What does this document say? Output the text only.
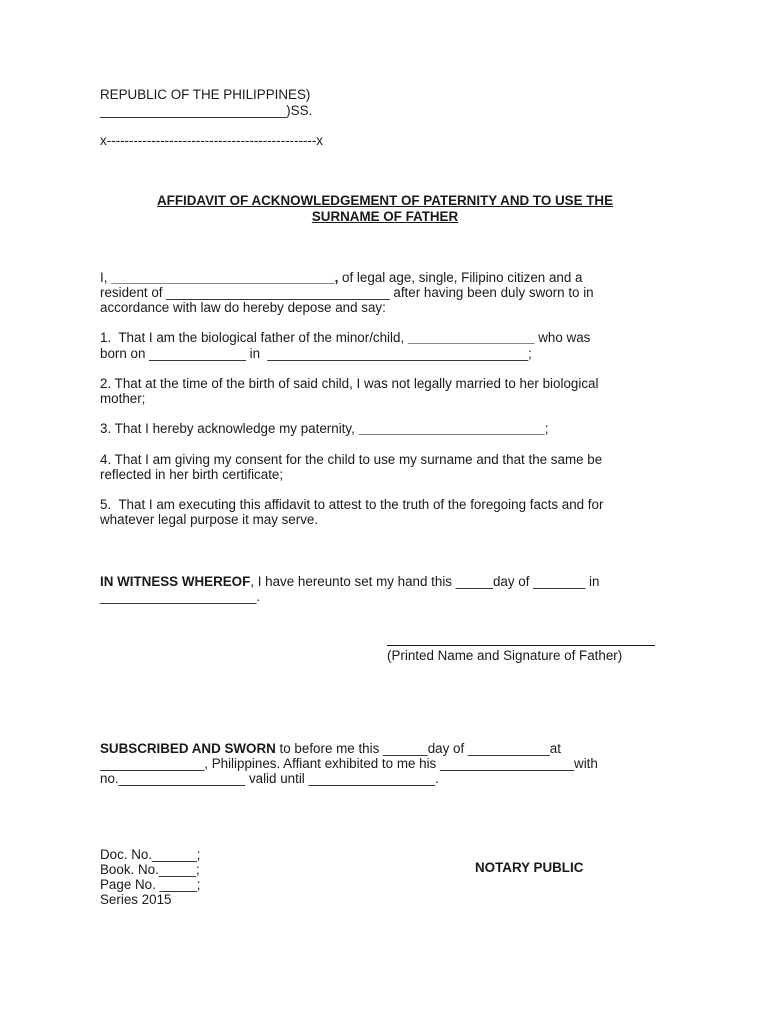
REPUBLIC OF THE PHILIPPINES)
_________________________)SS.
x-----------------------------------------------x
AFFIDAVIT OF ACKNOWLEDGEMENT OF PATERNITY AND TO USE THE
SURNAME OF FATHER
I, ______________________________, of legal age, single, Filipino citizen and a
resident of ______________________________ after having been duly sworn to in
accordance with law do hereby depose and say:
1.  That I am the biological father of the minor/child, _________________ who was
born on _____________ in  ___________________________________;
2. That at the time of the birth of said child, I was not legally married to her biological
mother;
3. That I hereby acknowledge my paternity, _________________________;
4. That I am giving my consent for the child to use my surname and that the same be
reflected in her birth certificate;
5.  That I am executing this affidavit to attest to the truth of the foregoing facts and for
whatever legal purpose it may serve.
IN WITNESS WHEREOF, I have hereunto set my hand this _____day of _______ in
_____________________.
(Printed Name and Signature of Father)
SUBSCRIBED AND SWORN to before me this ______day of ___________at
______________, Philippines. Affiant exhibited to me his __________________with
no._________________ valid until _________________.
Doc. No.______;
Book. No._____;
Page No. _____;
Series 2015
NOTARY PUBLIC
